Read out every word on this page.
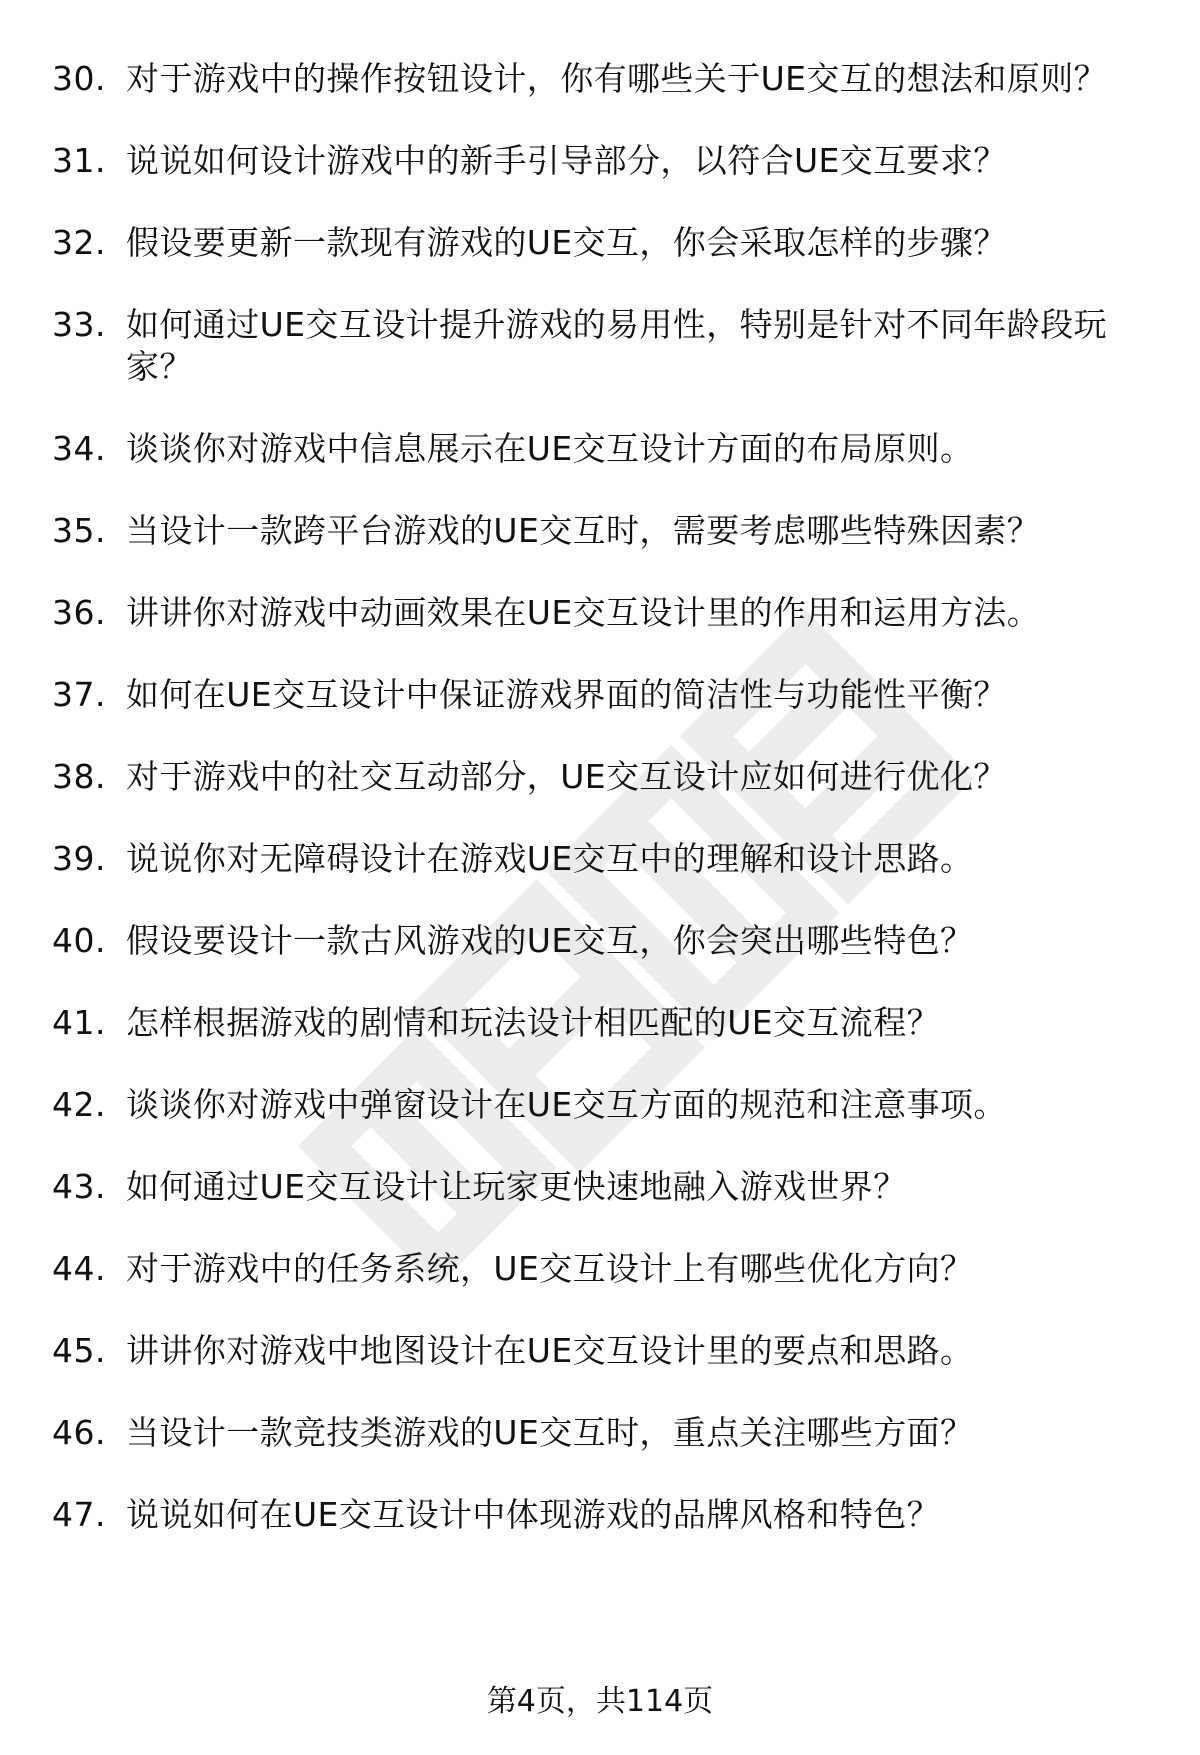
30. 对于游戏中的操作按钮设计，你有哪些关于UE交互的想法和原则？
31. 说说如何设计游戏中的新手引导部分，以符合UE交互要求？
32. 假设要更新一款现有游戏的UE交互，你会采取怎样的步骤？
33. 如何通过UE交互设计提升游戏的易用性，特别是针对不同年龄段玩家？
34. 谈谈你对游戏中信息展示在UE交互设计方面的布局原则。
35. 当设计一款跨平台游戏的UE交互时，需要考虑哪些特殊因素？
36. 讲讲你对游戏中动画效果在UE交互设计里的作用和运用方法。
37. 如何在UE交互设计中保证游戏界面的简洁性与功能性平衡？
38. 对于游戏中的社交互动部分，UE交互设计应如何进行优化？
39. 说说你对无障碍设计在游戏UE交互中的理解和设计思路。
40. 假设要设计一款古风游戏的UE交互，你会突出哪些特色？
41. 怎样根据游戏的剧情和玩法设计相匹配的UE交互流程？
42. 谈谈你对游戏中弹窗设计在UE交互方面的规范和注意事项。
43. 如何通过UE交互设计让玩家更快速地融入游戏世界？
44. 对于游戏中的任务系统，UE交互设计上有哪些优化方向？
45. 讲讲你对游戏中地图设计在UE交互设计里的要点和思路。
46. 当设计一款竞技类游戏的UE交互时，重点关注哪些方面？
47. 说说如何在UE交互设计中体现游戏的品牌风格和特色？
第4页，共114页
